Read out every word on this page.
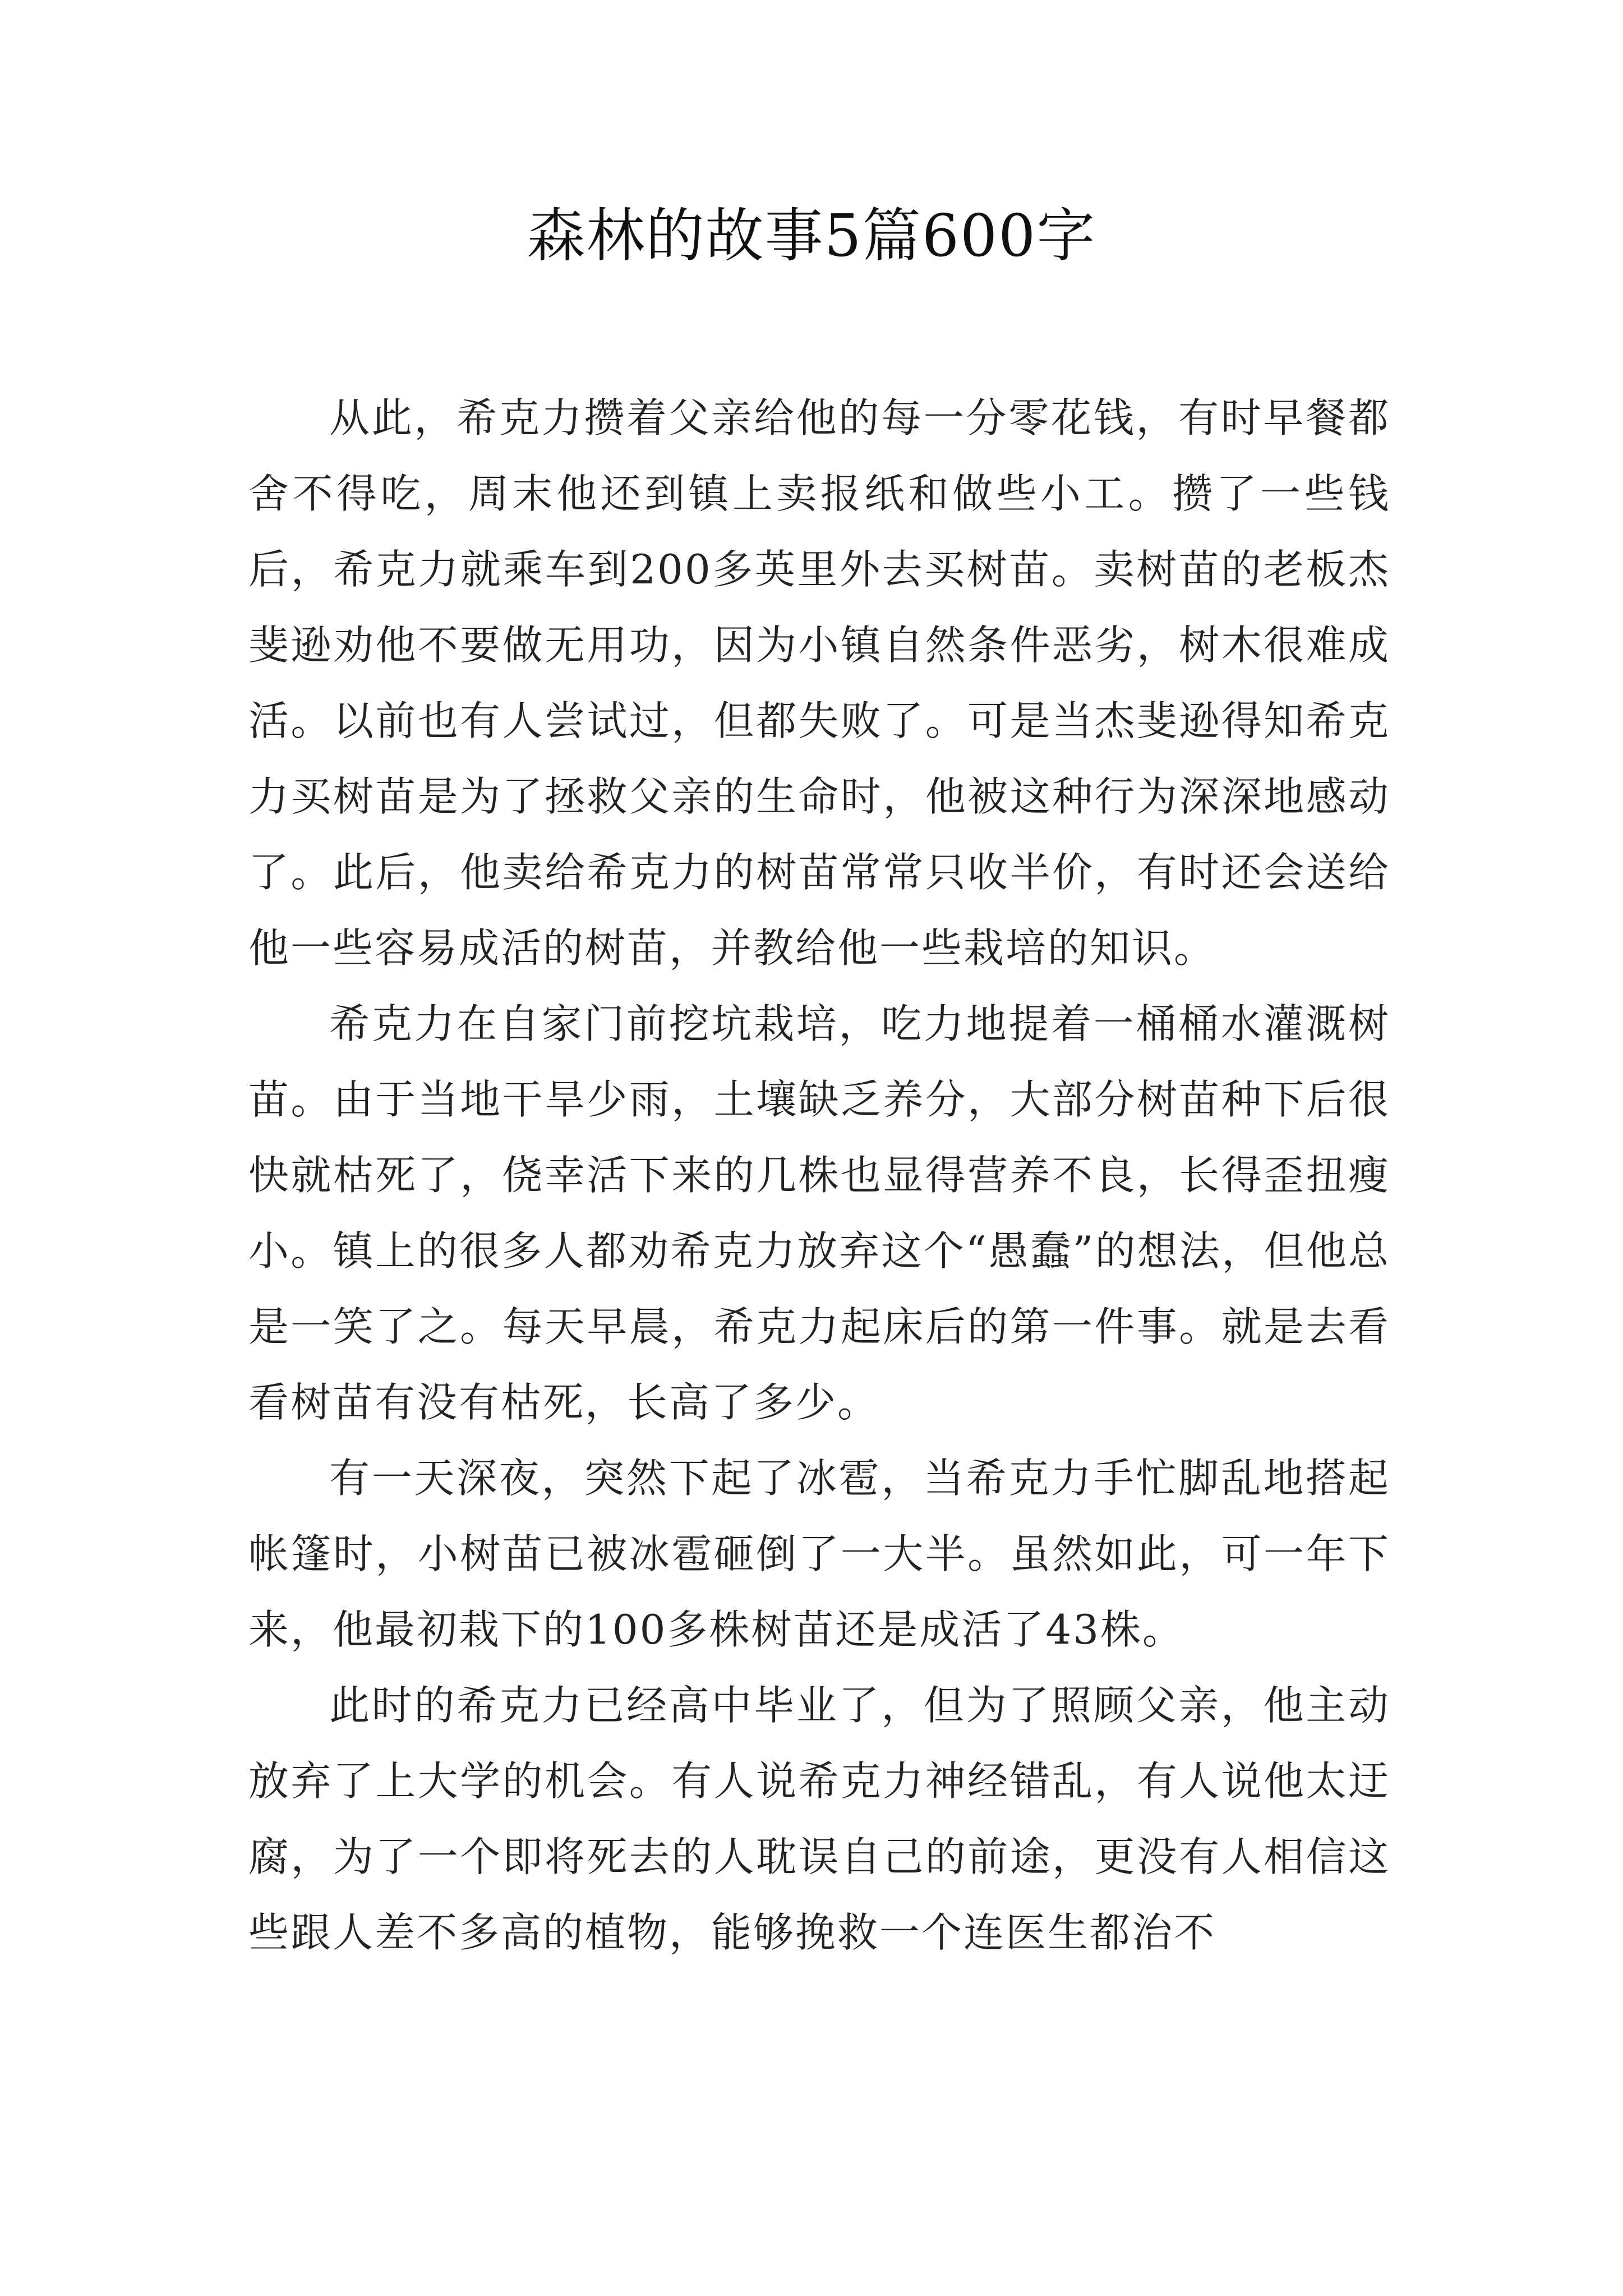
森林的故事5篇600字

从此，希克力攒着父亲给他的每一分零花钱，有时早餐都舍不得吃，周末他还到镇上卖报纸和做些小工。攒了一些钱后，希克力就乘车到200多英里外去买树苗。卖树苗的老板杰斐逊劝他不要做无用功，因为小镇自然条件恶劣，树木很难成活。以前也有人尝试过，但都失败了。可是当杰斐逊得知希克力买树苗是为了拯救父亲的生命时，他被这种行为深深地感动了。此后，他卖给希克力的树苗常常只收半价，有时还会送给他一些容易成活的树苗，并教给他一些栽培的知识。

希克力在自家门前挖坑栽培，吃力地提着一桶桶水灌溉树苗。由于当地干旱少雨，土壤缺乏养分，大部分树苗种下后很快就枯死了，侥幸活下来的几株也显得营养不良，长得歪扭瘦小。镇上的很多人都劝希克力放弃这个“愚蠢”的想法，但他总是一笑了之。每天早晨，希克力起床后的第一件事。就是去看看树苗有没有枯死，长高了多少。

有一天深夜，突然下起了冰雹，当希克力手忙脚乱地搭起帐篷时，小树苗已被冰雹砸倒了一大半。虽然如此，可一年下来，他最初栽下的100多株树苗还是成活了43株。

此时的希克力已经高中毕业了，但为了照顾父亲，他主动放弃了上大学的机会。有人说希克力神经错乱，有人说他太迂腐，为了一个即将死去的人耽误自己的前途，更没有人相信这些跟人差不多高的植物，能够挽救一个连医生都治不
